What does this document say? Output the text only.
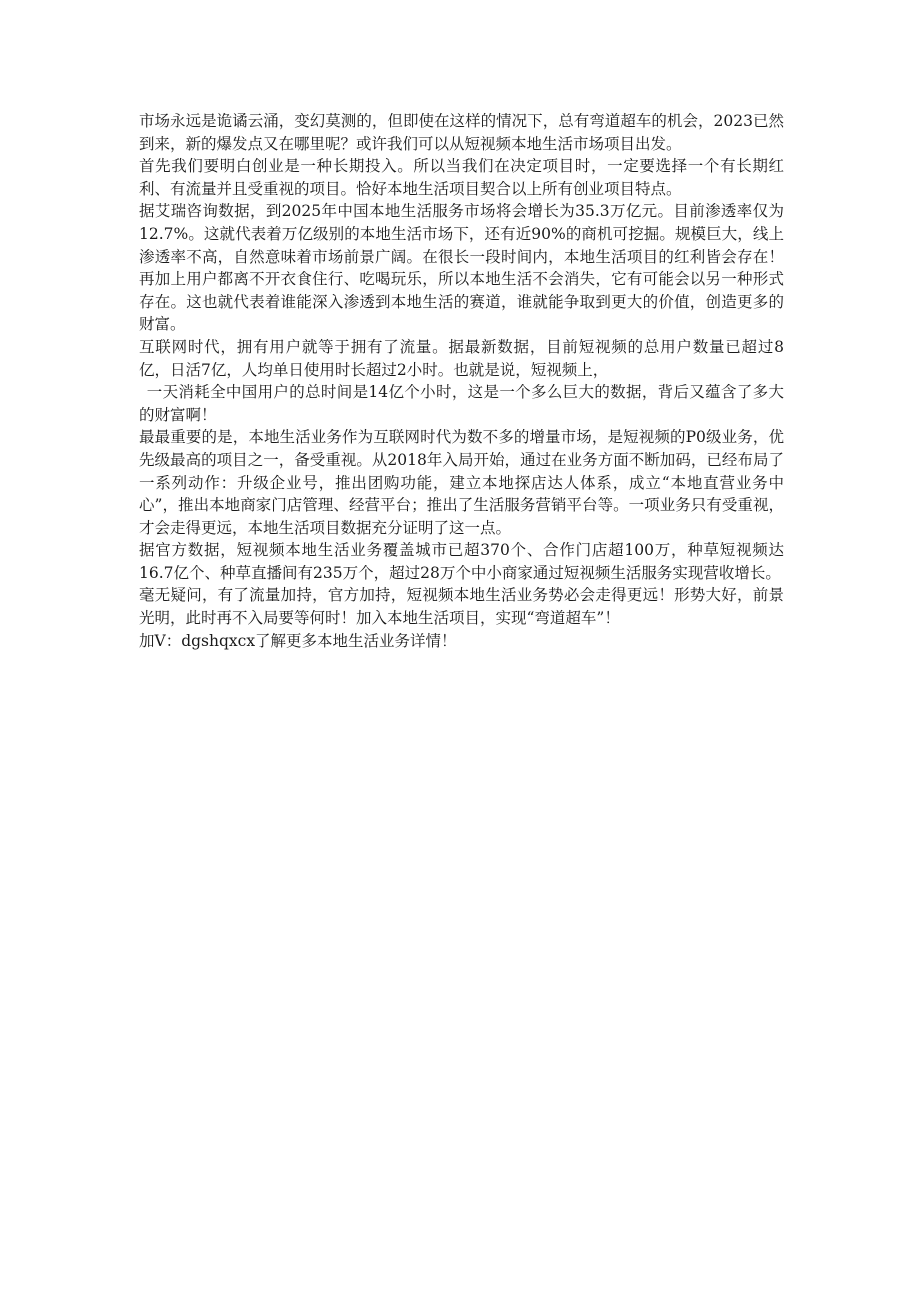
市场永远是诡谲云涌，变幻莫测的，但即使在这样的情况下，总有弯道超车的机会，2023已然到来，新的爆发点又在哪里呢？或许我们可以从短视频本地生活市场项目出发。

首先我们要明白创业是一种长期投入。所以当我们在决定项目时，一定要选择一个有长期红利、有流量并且受重视的项目。恰好本地生活项目契合以上所有创业项目特点。

据艾瑞咨询数据，到2025年中国本地生活服务市场将会增长为35.3万亿元。目前渗透率仅为12.7%。这就代表着万亿级别的本地生活市场下，还有近90%的商机可挖掘。规模巨大，线上渗透率不高，自然意味着市场前景广阔。在很长一段时间内，本地生活项目的红利皆会存在！再加上用户都离不开衣食住行、吃喝玩乐，所以本地生活不会消失，它有可能会以另一种形式存在。这也就代表着谁能深入渗透到本地生活的赛道，谁就能争取到更大的价值，创造更多的财富。

互联网时代，拥有用户就等于拥有了流量。据最新数据，目前短视频的总用户数量已超过8亿，日活7亿，人均单日使用时长超过2小时。也就是说，短视频上，

一天消耗全中国用户的总时间是14亿个小时，这是一个多么巨大的数据，背后又蕴含了多大的财富啊！

最最重要的是，本地生活业务作为互联网时代为数不多的增量市场，是短视频的P0级业务，优先级最高的项目之一，备受重视。从2018年入局开始，通过在业务方面不断加码，已经布局了一系列动作：升级企业号，推出团购功能，建立本地探店达人体系，成立“本地直营业务中心”，推出本地商家门店管理、经营平台；推出了生活服务营销平台等。一项业务只有受重视，才会走得更远，本地生活项目数据充分证明了这一点。

据官方数据，短视频本地生活业务覆盖城市已超370个、合作门店超100万，种草短视频达16.7亿个、种草直播间有235万个，超过28万个中小商家通过短视频生活服务实现营收增长。

毫无疑问，有了流量加持，官方加持，短视频本地生活业务势必会走得更远！形势大好，前景光明，此时再不入局要等何时！加入本地生活项目，实现“弯道超车”！

加V：dgshqxcx了解更多本地生活业务详情！
